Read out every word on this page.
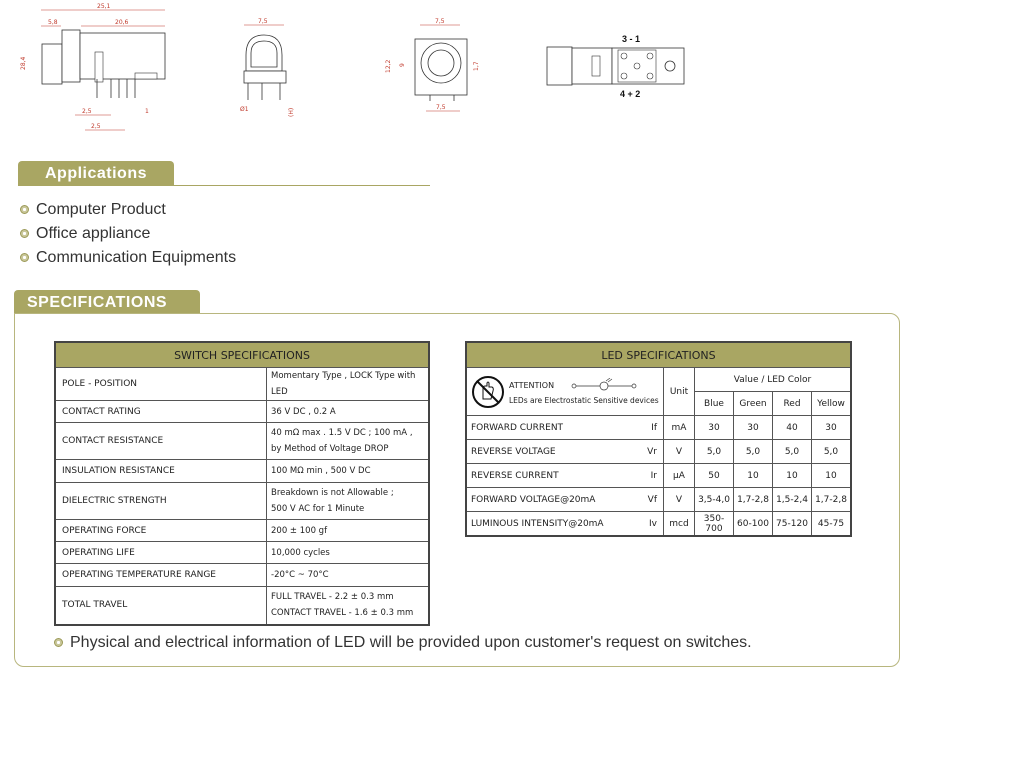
25,1
5,8	20,6
28,4
2,5	1
2,5
7,5
Ø1	(H)
7,5
12,2 9	1,7
7,5
3 - 1
4 + 2
Applications
Computer Product
Office appliance
Communication Equipments
SPECIFICATIONS
SWITCH SPECIFICATIONS	
POLE - POSITION	Momentary Type , LOCK Type with LED
CONTACT RATING	36 V DC , 0.2 A
CONTACT RESISTANCE	40 mΩ max . 1.5 V DC ; 100 mA ,
by Method of Voltage DROP

INSULATION RESISTANCE	100 MΩ min , 500 V DC
DIELECTRIC STRENGTH	Breakdown is not Allowable ;
500 V AC for 1 Minute

OPERATING FORCE	200 ± 100 gf
OPERATING LIFE	10,000 cycles
OPERATING TEMPERATURE RANGE	-20°C ~ 70°C
TOTAL TRAVEL	FULL TRAVEL - 2.2 ± 0.3 mm
CONTACT TRAVEL - 1.6 ± 0.3 mm
LED SPECIFICATIONS						

ATTENTION
LEDs are Electrostatic Sensitive devices		Unit	Value / LED Color			
			Blue	Green	Red	Yellow
FORWARD CURRENT	If	mA	30	30	40	30
REVERSE VOLTAGE	Vr	V	5,0	5,0	5,0	5,0
REVERSE CURRENT	Ir	μA	50	10	10	10
FORWARD VOLTAGE@20mA	Vf	V	3,5-4,0	1,7-2,8	1,5-2,4	1,7-2,8
LUMINOUS INTENSITY@20mA	Iv	mcd	350-700	60-100	75-120	45-75
Physical and electrical information of LED will be provided upon customer's request on switches.
